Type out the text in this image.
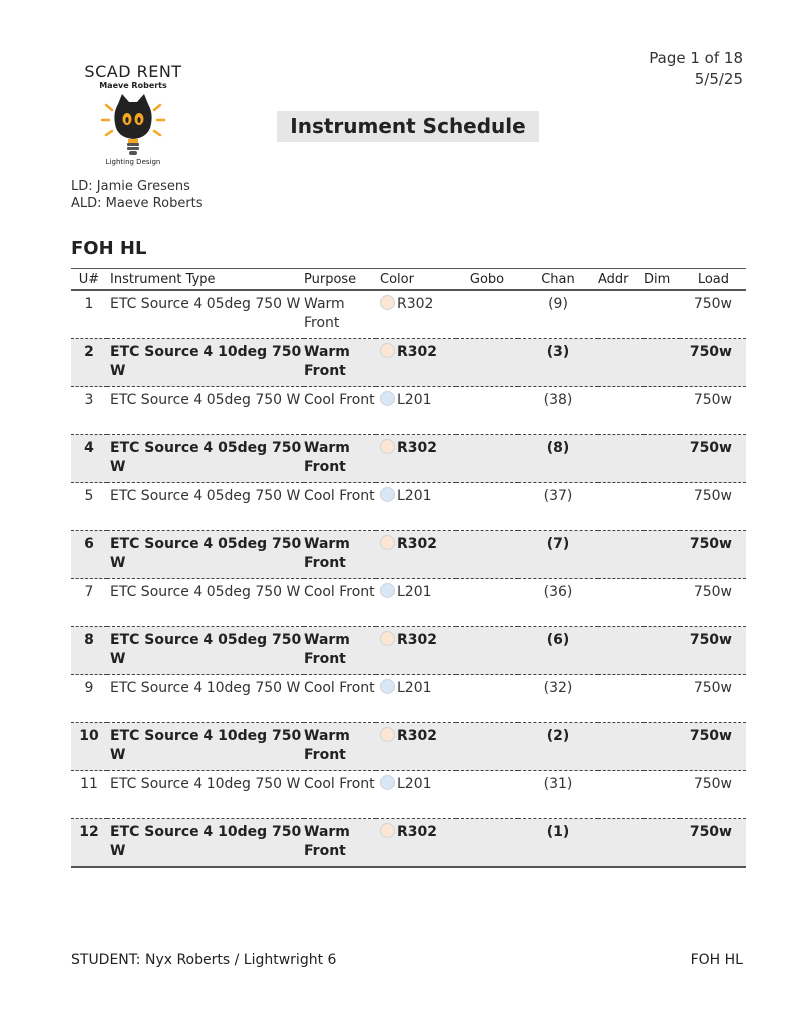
Page 1 of 18
5/5/25
SCAD RENT
Maeve Roberts
Lighting Design
LD: Jamie Gresens
ALD: Maeve Roberts
Instrument Schedule
FOH HL
U#	Instrument Type	Purpose	Color	Gobo	Chan	Addr	Dim	Load

1	ETC Source 4 05deg 750 W	Warm Front	R302		(9)			750w

2	ETC Source 4 10deg 750 W	Warm Front	R302		(3)			750w

3	ETC Source 4 05deg 750 W	Cool Front	L201		(38)			750w

4	ETC Source 4 05deg 750 W	Warm Front	R302		(8)			750w

5	ETC Source 4 05deg 750 W	Cool Front	L201		(37)			750w

6	ETC Source 4 05deg 750 W	Warm Front	R302		(7)			750w

7	ETC Source 4 05deg 750 W	Cool Front	L201		(36)			750w

8	ETC Source 4 05deg 750 W	Warm Front	R302		(6)			750w

9	ETC Source 4 10deg 750 W	Cool Front	L201		(32)			750w

10	ETC Source 4 10deg 750 W	Warm Front	R302		(2)			750w

11	ETC Source 4 10deg 750 W	Cool Front	L201		(31)			750w

12	ETC Source 4 10deg 750 W	Warm Front	R302		(1)			750w
STUDENT: Nyx Roberts / Lightwright 6	FOH HL
